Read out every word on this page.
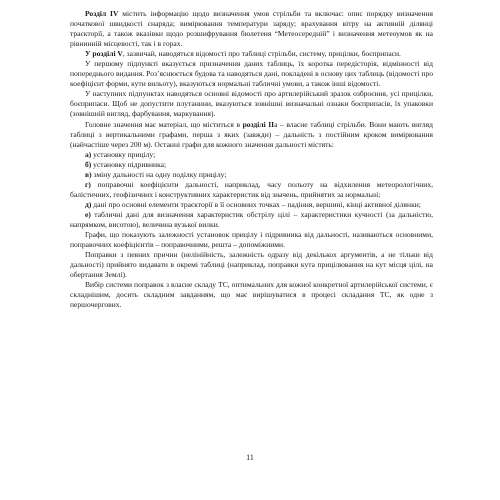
Розділ IV містить інформацію щодо визначення умов стрільби та включає: опис порядку визначення початкової швидкості снаряда; вимірювання температури заряду; врахування вітру на активній ділянці траєкторії, а також вказівки щодо розшифрування бюлетеня “Метеосередній” і визначення метеоумов як на рівнинній місцевості, так і в горах.

У розділі V, зазвичай, наводяться відомості про таблиці стрільби, систему, прицілки, боєприпаси.

У першому підпункті вказується призначення даних таблиць, їх коротка передісторія, відмінності від попереднього видання. Роз’яснюється будова та наводяться дані, покладені в основу цих таблиць (відомості про коефіцієнт форми, кути вильоту), вказуються нормальні табличні умови, а також інші відомості.

У наступних підпунктах наводяться основні відомості про артилерійський зразок озброєння, усі прицілки, боєприпаси. Щоб не допустити плутанини, вказуються зовнішні визначальні ознаки боєприпасів, їх упаковки (зовнішній вигляд, фарбування, маркування).

Головне значення має матеріал, що міститься в розділі IIа – власне таблиці стрільби. Вони мають вигляд таблиці з вертикальними графами, перша з яких (завжди) – дальність з постійним кроком вимірювання (найчастіше через 200 м). Останні графи для кожного значення дальності містять:

а) установку прицілу;

б) установку підривника;

в) зміну дальності на одну поділку прицілу;

г) поправочні коефіцієнти дальності, наприклад, часу польоту на відхилення метеорологічних, балістичних, геофізичних і конструктивних характеристик від значень, прийнятих за нормальні;

д) дані про основні елементи траєкторії в її основних точках – падіння, вершині, кінці активної ділянки;

е) табличні дані для визначення характеристик обстрілу цілі – характеристики кучності (за дальністю, напрямком, висотою), величина вузької вилки.

Графи, що показують залежності установок прицілу і підривника від дальності, називаються основними, поправочних коефіцієнтів – поправочними, решта – допоміжними.

Поправки з певних причин (нелінійність, залежність одразу від декількох аргументів, а не тільки від дальності) прийнято видавати в окремі таблиці (наприклад, поправки кута прицілювання на кут місця цілі, на обертання Землі).

Вибір системи поправок з власне складу ТС, оптимальних для кожної конкретної артилерійської системи, є складнішим, досить складним завданням, що має вирішуватися в процесі складання ТС, як одне з першочергових.

11
